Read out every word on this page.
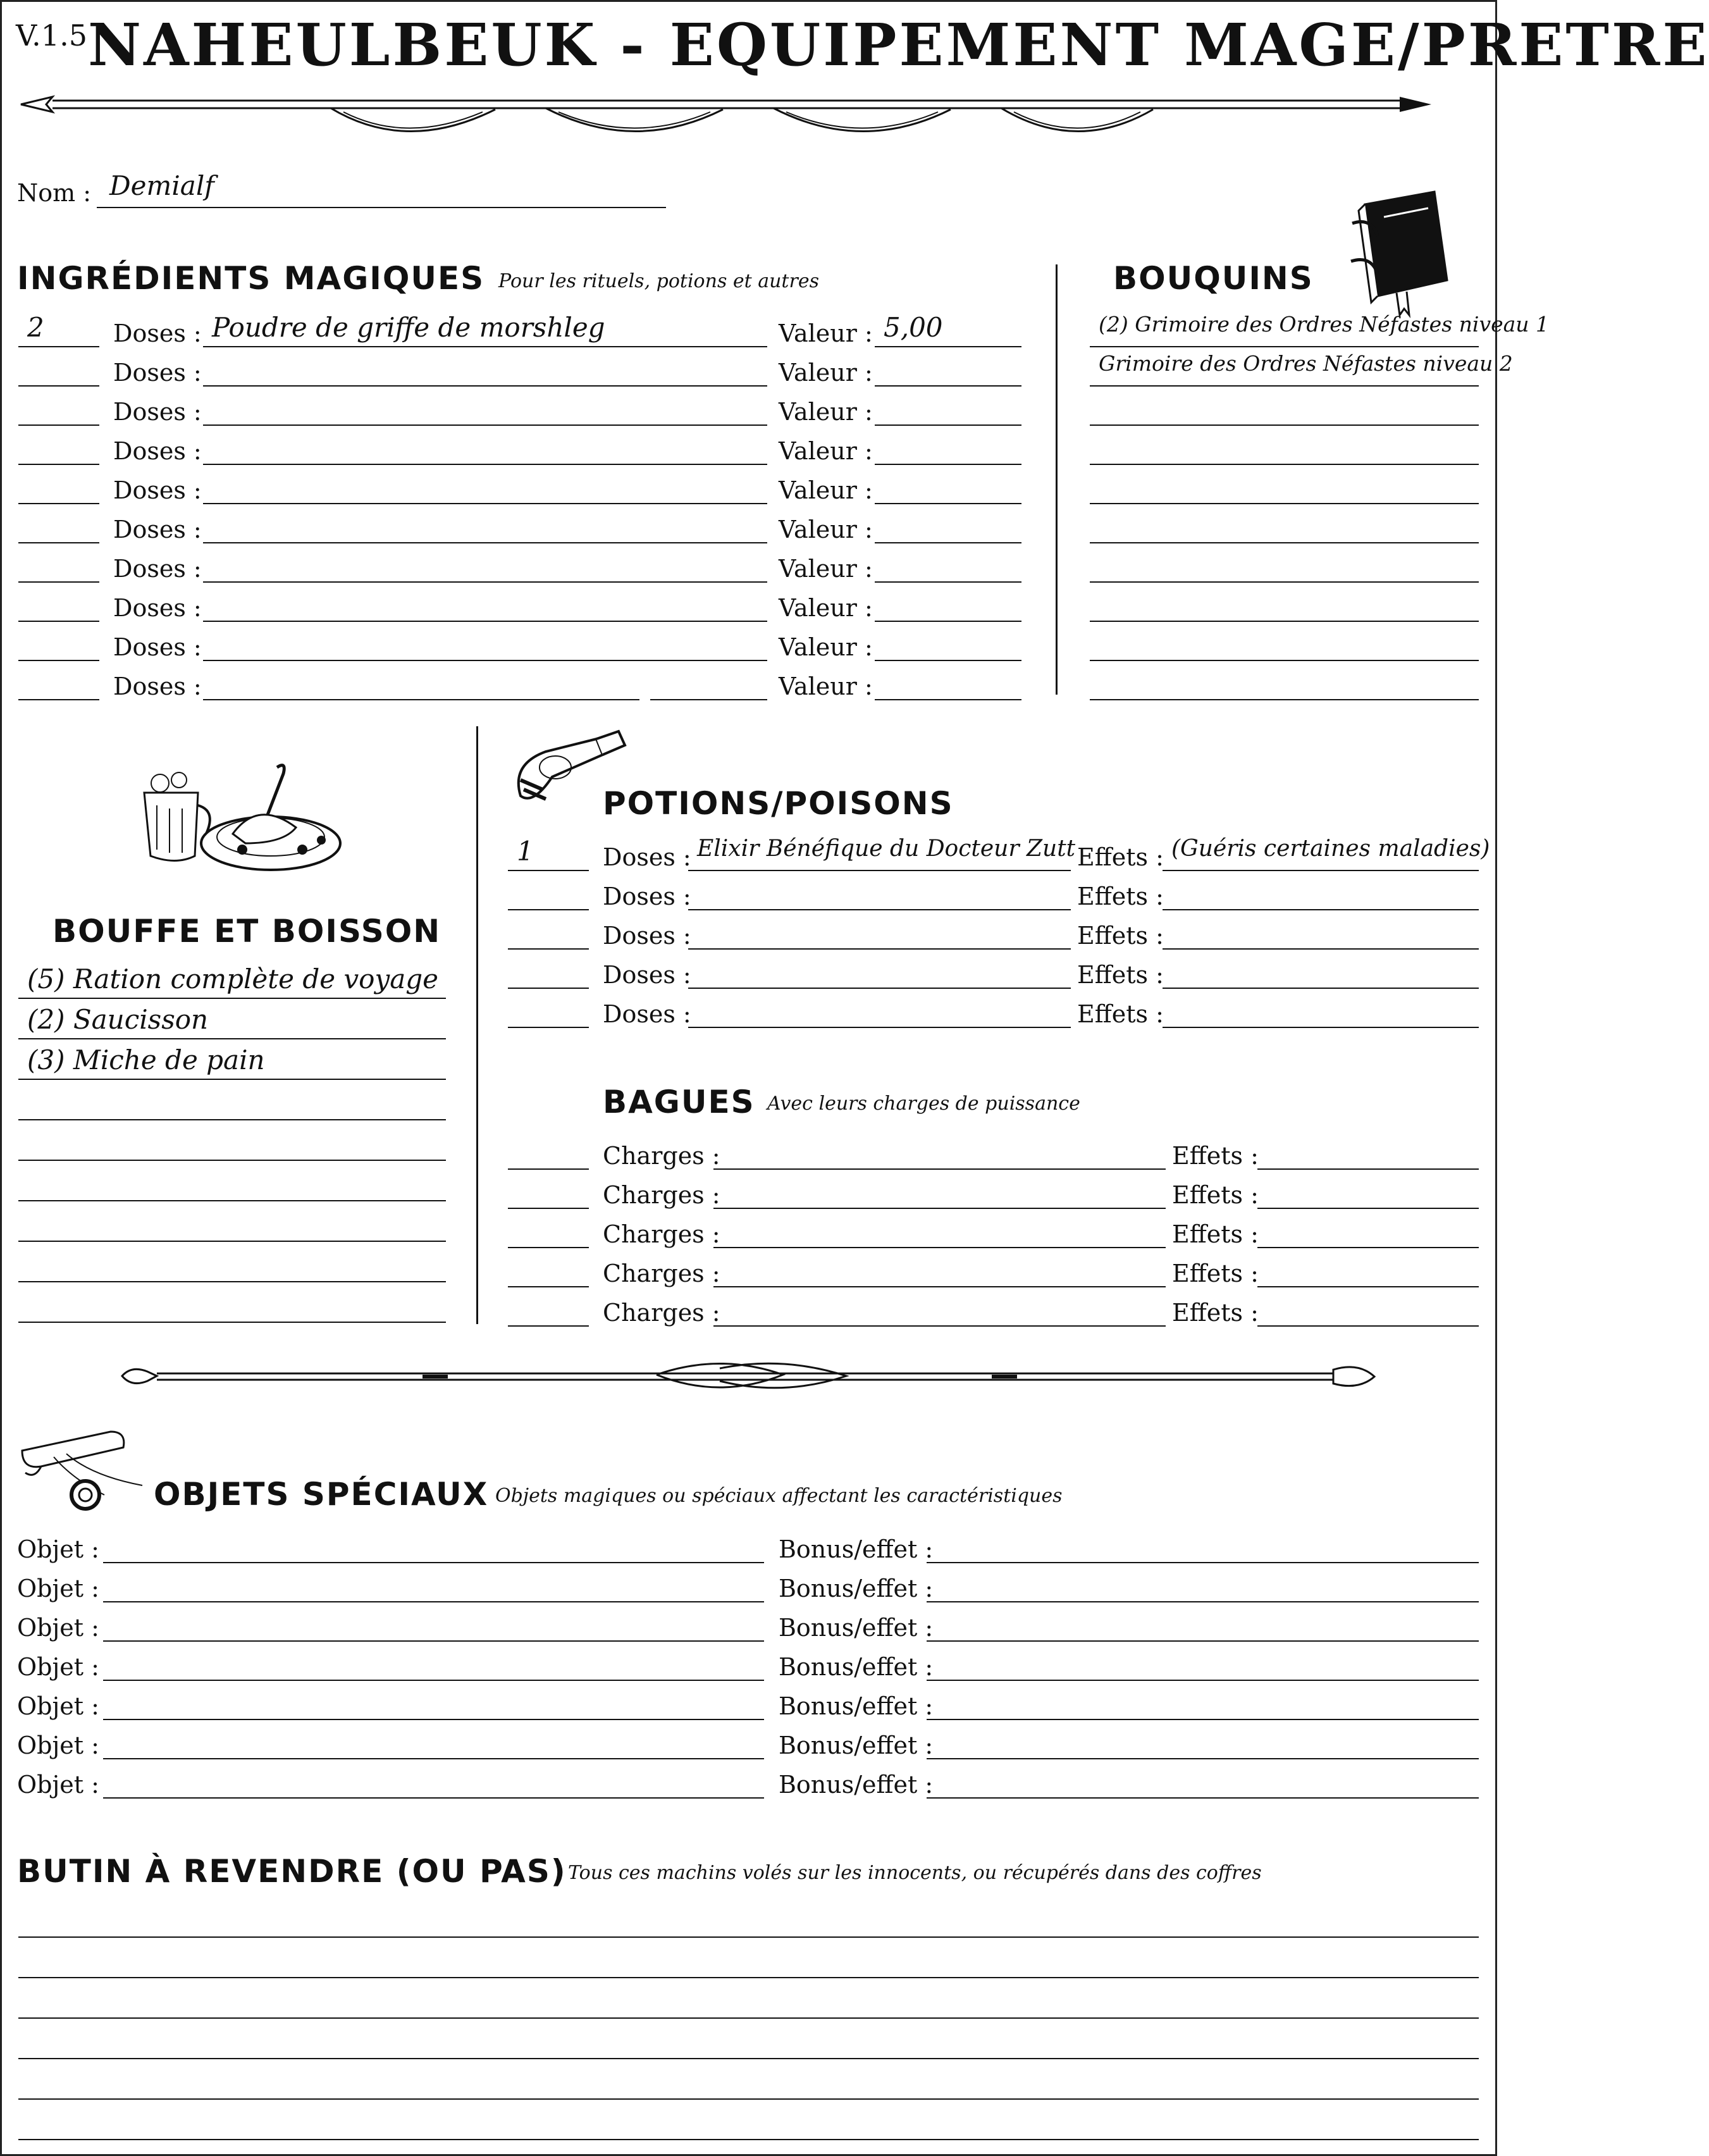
V.1.5 NAHEULBEUK - EQUIPEMENT MAGE/PRETRE
Nom : Demialf
INGRÉDIENTS MAGIQUES Pour les rituels, potions et autres
2	Doses : Poudre de griffe de morshleg	Valeur : 5,00
Doses :	Valeur :
Doses :	Valeur :
Doses :	Valeur :
Doses :	Valeur :
Doses :	Valeur :
Doses :	Valeur :
Doses :	Valeur :
Doses :	Valeur :
Doses :	Valeur :
BOUQUINS
(2) Grimoire des Ordres Néfastes niveau 1
Grimoire des Ordres Néfastes niveau 2
BOUFFE ET BOISSON
(5) Ration complète de voyage
(2) Saucisson
(3) Miche de pain
POTIONS/POISONS
1	Doses : Elixir Bénéfique du Docteur Zutt Effets : (Guéris certaines maladies)
Doses :	Effets :
Doses :	Effets :
Doses :	Effets :
Doses :	Effets :
BAGUES Avec leurs charges de puissance
Charges :	Effets :
Charges :	Effets :
Charges :	Effets :
Charges :	Effets :
Charges :	Effets :
OBJETS SPÉCIAUX Objets magiques ou spéciaux affectant les caractéristiques
Objet :	Bonus/effet :
Objet :	Bonus/effet :
Objet :	Bonus/effet :
Objet :	Bonus/effet :
Objet :	Bonus/effet :
Objet :	Bonus/effet :
Objet :	Bonus/effet :
BUTIN À REVENDRE (OU PAS) Tous ces machins volés sur les innocents, ou récupérés dans des coffres
